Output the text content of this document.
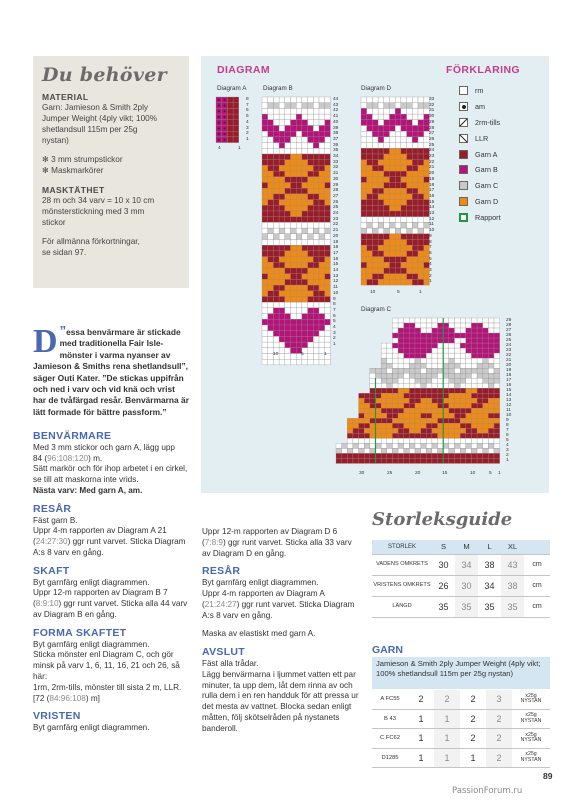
Du behöver
MATERIAL
Garn: Jamieson & Smith 2ply
Jumper Weight (4ply vikt; 100%
shetlandsull 115m per 25g
nystan)
✻ 3 mm strumpstickor
✻ Maskmarkörer
MASKTÄTHET
28 m och 34 varv = 10 x 10 cm
mönsterstickning med 3 mm
stickor
För allmänna förkortningar,
se sidan 97.
DIAGRAM	FÖRKLARING
Diagram A	Diagram B	Diagram D
Diagram C
8
7
6
5
4
3
2
1
44
43
42
41
40
39
38
37
36
35
34
33
32
31
30
29
28
27
26
25
24
23
22
21
20
19
18
17
16
15
14
13
12
11
10
9
8
7
6
5
4
3
2
1
33
32
31
30
29
28
27
26
25
24
23
22
21
20
19
18
17
16
15
14
13
12
11
10
9
8
7
6
5
4
3
2
1
29
28
27
26
25
24
23
22
21
20
19
18
17
16
15
14
13
12
11
10
9
8
7
6
5
4
3
2
1
4	1
10	5	1
10	5	1
30	25	20	15	10	5 1
rm
am
2rm-tills
LLR
Garn A
Garn B
Garn C
Garn D
Rapport
”
D essa benvärmare är stickade med traditionella Fair Isle-mönster i varma nyanser av Jamieson & Smiths rena shetlandsull”, säger Outi Kater. ”De stickas uppifrån och ned i varv och vid knä och vrist har de tvåfärgad resår. Benvärmarna är lätt formade för bättre passform.”
BENVÄRMARE
Med 3 mm stickor och garn A, lägg upp
84 (96:108:120) m.
Sätt markör och för ihop arbetet i en cirkel, se till att maskorna inte vrids.
Nästa varv: Med garn A, am.
RESÅR
Fäst garn B.
Uppr 4-m rapporten av Diagram A 21 (24:27:30) ggr runt varvet. Sticka Diagram A:s 8 varv en gång.
SKAFT
Byt garnfärg enligt diagrammen.
Uppr 12-m rapporten av Diagram B 7 (8:9:10) ggr runt varvet. Sticka alla 44 varv av Diagram B en gång.
FORMA SKAFTET
Byt garnfärg enligt diagrammen.
Sticka mönster enl Diagram C, och gör minsk på varv 1, 6, 11, 16, 21 och 26, så här:
1rm, 2rm-tills, mönster till sista 2 m, LLR. [72 (84:96:108) m]
VRISTEN
Byt garnfärg enligt diagrammen.
Uppr 12-m rapporten av Diagram D 6 (7:8:9) ggr runt varvet. Sticka alla 33 varv av Diagram D en gång.
RESÅR
Byt garnfärg enligt diagrammen.
Uppr 4-m rapporten av Diagram A (21:24:27) ggr runt varvet. Sticka Diagram A:s 8 varv en gång.
Maska av elastiskt med garn A.
AVSLUT
Fäst alla trådar.
Lägg benvärmarna i ljummet vatten ett par minuter, ta upp dem, låt dem rinna av och rulla dem i en ren handduk för att pressa ur det mesta av vattnet. Blocka sedan enligt måtten, följ skötselråden på nystanets banderoll.
Storleksguide
STORLEK	S	M	L	XL	
VADENS OMKRETS	30	34	38	43	cm
VRISTENS OMKRETS	26	30	34	38	cm
LÄNGD	35	35	35	35	cm
GARN
Jamieson & Smith 2ply Jumper Weight (4ply vikt; 100% shetlandsull 115m per 25g nystan)
A FC55	2	2	2	3	x25g
NYSTAN
B 43	1	1	2	2	x25g
NYSTAN
C FC62	1	1	2	2	x25g
NYSTAN
D1285	1	1	1	2	x25g
NYSTAN
89
PassionForum.ru
